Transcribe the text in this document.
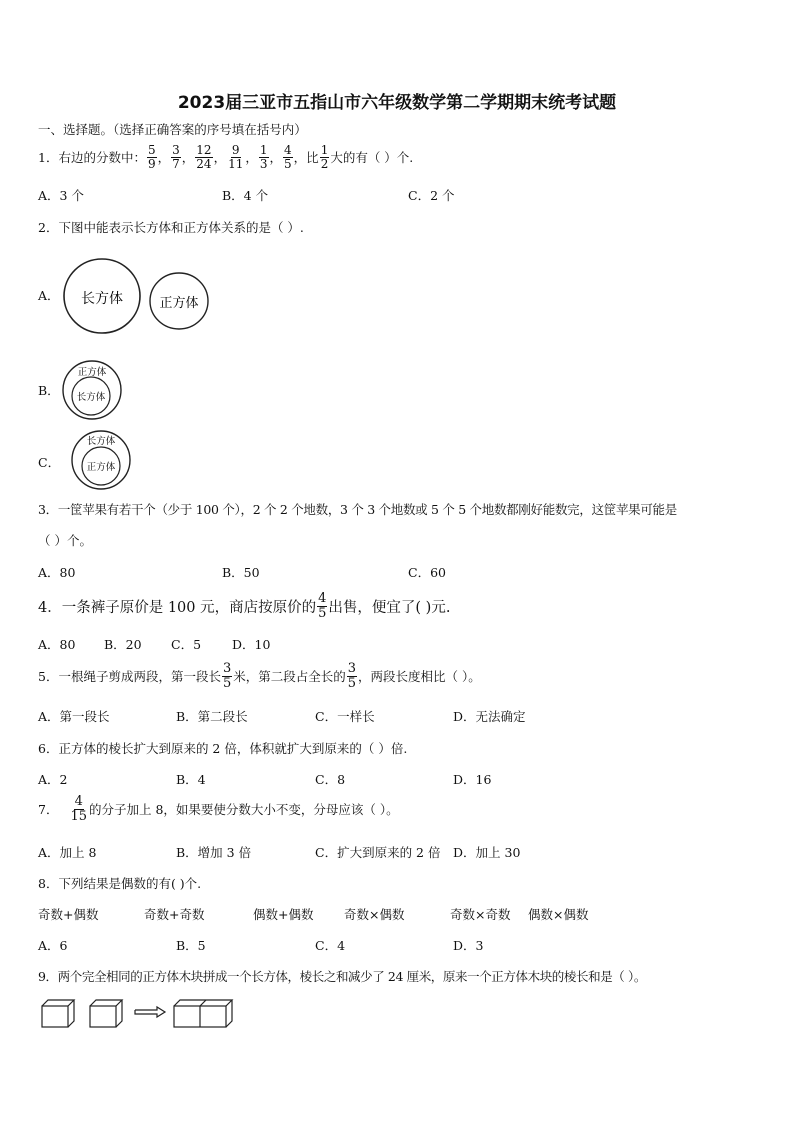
2023届三亚市五指山市六年级数学第二学期期末统考试题
一、选择题。（选择正确答案的序号填在括号内）
1．右边的分数中： $\frac{5}{9}$ ， $\frac{3}{7}$ ， $\frac{12}{24}$ ， $\frac{9}{11}$ ， $\frac{1}{3}$ ， $\frac{4}{5}$ ，比 $\frac{1}{2}$ 大的有（ ）个.
A．3 个	B．4 个	C．2 个
2．下图中能表示长方体和正方体关系的是（ ）.
A． 长方体	正方体
B．
正方体
长方体
C．
长方体
正方体
3．一筐苹果有若干个（少于 100 个），2 个 2 个地数，3 个 3 个地数或 5 个 5 个地数都刚好能数完，这筐苹果可能是
（ ）个。
A．80	B．50	C．60
4．一条裤子原价是 100 元，商店按原价的 $\frac{4}{5}$ 出售，便宜了( )元.
A．80 B．20 C．5 D．10
5．一根绳子剪成两段，第一段长 $\frac{3}{5}$ 米，第二段占全长的 $\frac{3}{5}$ ，两段长度相比（ ）。
A．第一段长	B．第二段长	C．一样长	D．无法确定
6．正方体的棱长扩大到原来的 2 倍，体积就扩大到原来的（ ）倍.
A．2	B．4	C．8	D．16
7． $\frac{4}{15}$ 的分子加上 8，如果要使分数大小不变，分母应该（ ）。
A．加上 8	B．增加 3 倍	C．扩大到原来的 2 倍 D．加上 30
8．下列结果是偶数的有( )个.
奇数+偶数	奇数+奇数	偶数+偶数 奇数×偶数	奇数×奇数 偶数×偶数
A．6	B．5	C．4	D．3
9．两个完全相同的正方体木块拼成一个长方体，棱长之和减少了 24 厘米，原来一个正方体木块的棱长和是（ ）。
